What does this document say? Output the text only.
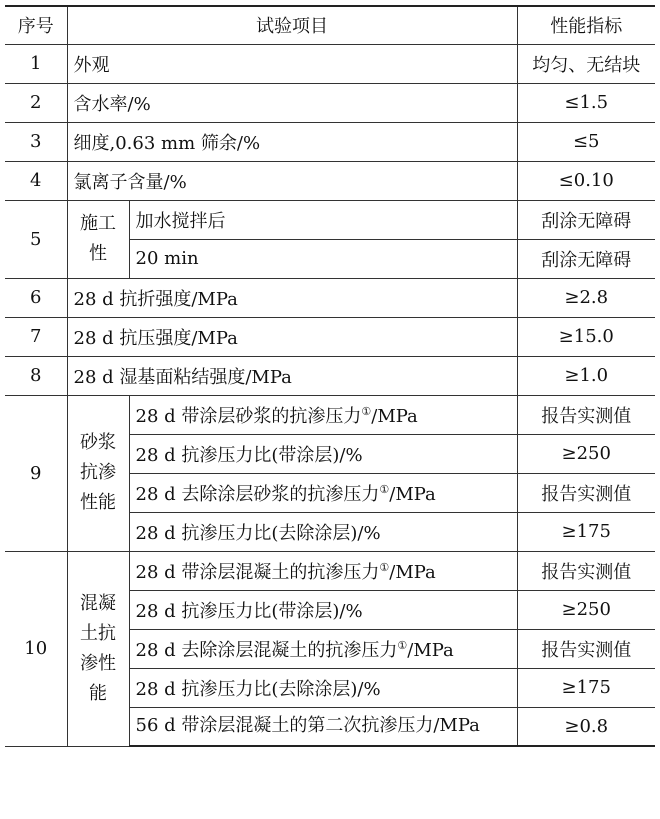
序号	试验项目		性能指标
1	外观		均匀、无结块
2	含水率/%		≤1.5
3	细度,0.63 mm 筛余/%		≤5
4	氯离子含量/%		≤0.10
5	施工性	加水搅拌后	刮涂无障碍
		20 min	刮涂无障碍
6	28 d 抗折强度/MPa		≥2.8
7	28 d 抗压强度/MPa		≥15.0
8	28 d 湿基面粘结强度/MPa		≥1.0
9	砂浆抗渗性能	28 d 带涂层砂浆的抗渗压力①/MPa	报告实测值
		28 d 抗渗压力比(带涂层)/%	≥250
		28 d 去除涂层砂浆的抗渗压力①/MPa	报告实测值
		28 d 抗渗压力比(去除涂层)/%	≥175
10	混凝土抗渗性能	28 d 带涂层混凝土的抗渗压力①/MPa	报告实测值
		28 d 抗渗压力比(带涂层)/%	≥250
		28 d 去除涂层混凝土的抗渗压力①/MPa	报告实测值
		28 d 抗渗压力比(去除涂层)/%	≥175
		56 d 带涂层混凝土的第二次抗渗压力/MPa	≥0.8
